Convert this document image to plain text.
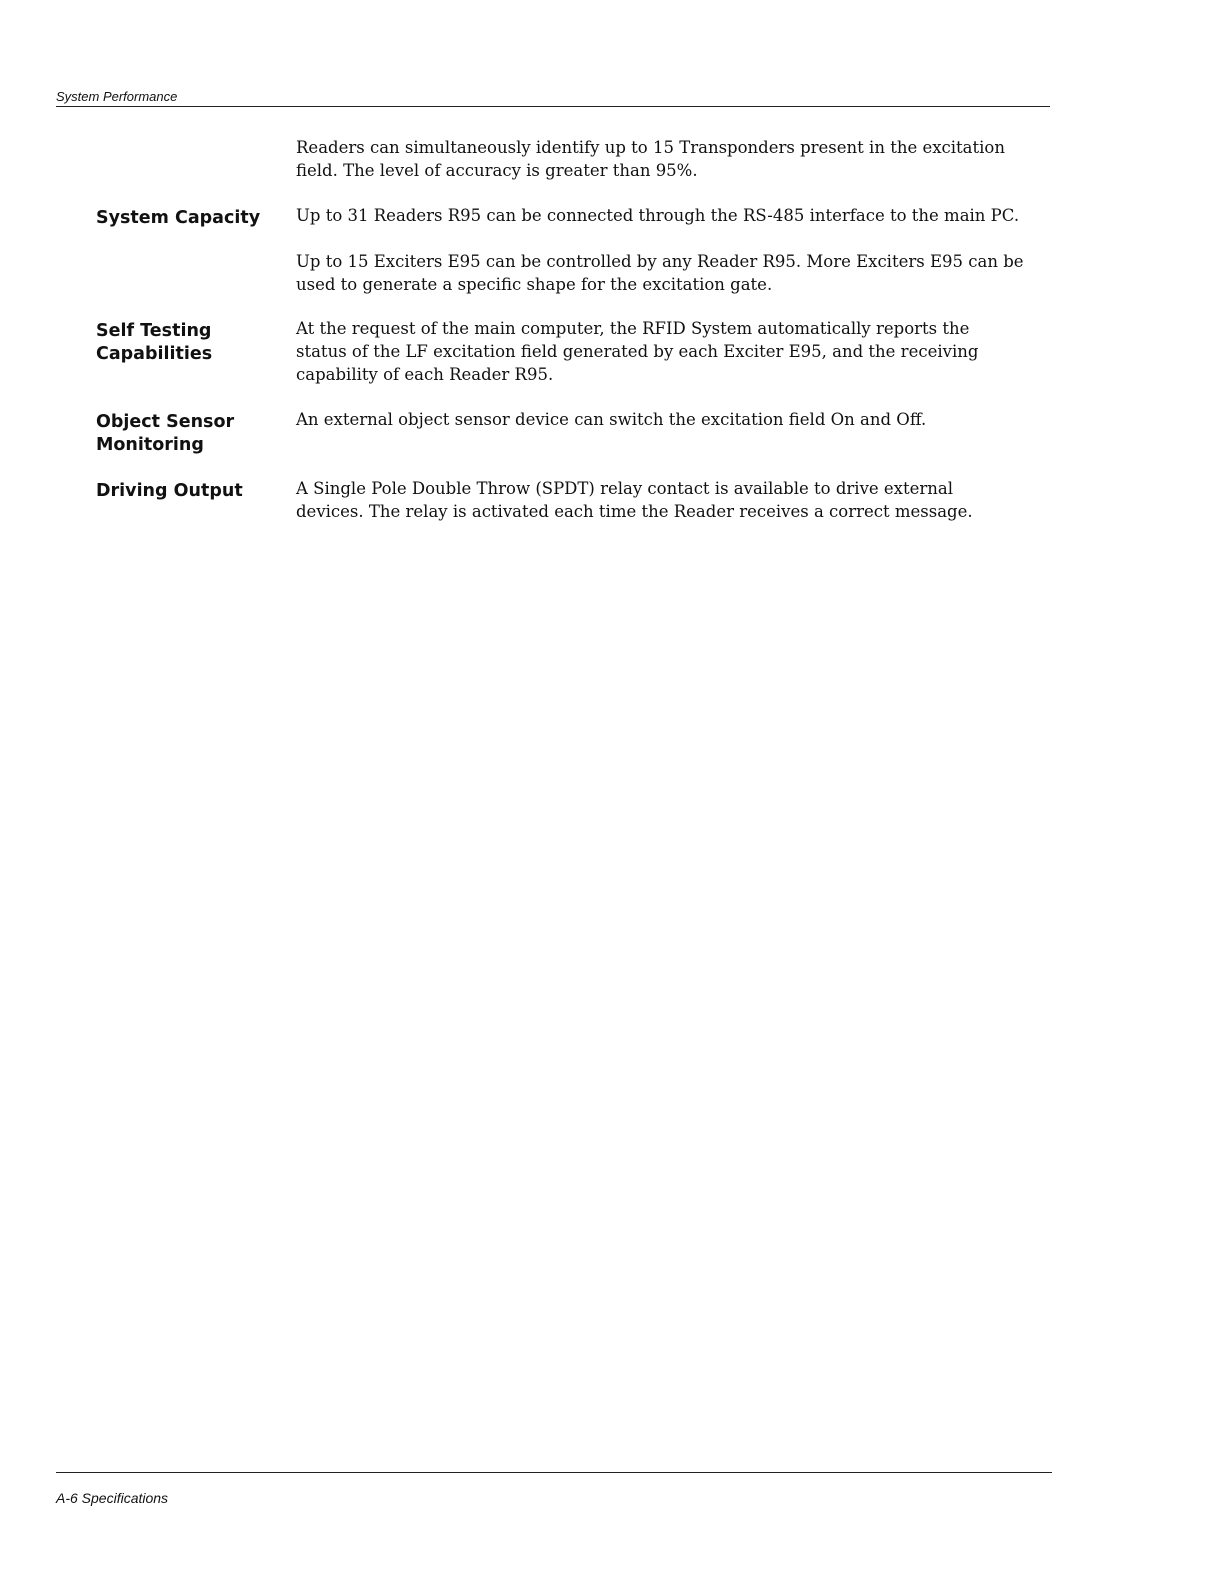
System Performance
Readers can simultaneously identify up to 15 Transponders present in the excitation
field. The level of accuracy is greater than 95%.
System Capacity	Up to 31 Readers R95 can be connected through the RS-485 interface to the main PC.
Up to 15 Exciters E95 can be controlled by any Reader R95. More Exciters E95 can be
used to generate a specific shape for the excitation gate.
Self Testing
Capabilities
At the request of the main computer, the RFID System automatically reports the
status of the LF excitation field generated by each Exciter E95, and the receiving
capability of each Reader R95.
Object Sensor
Monitoring
An external object sensor device can switch the excitation field On and Off.
Driving Output	A Single Pole Double Throw (SPDT) relay contact is available to drive external
devices. The relay is activated each time the Reader receives a correct message.
A-6 Specifications
